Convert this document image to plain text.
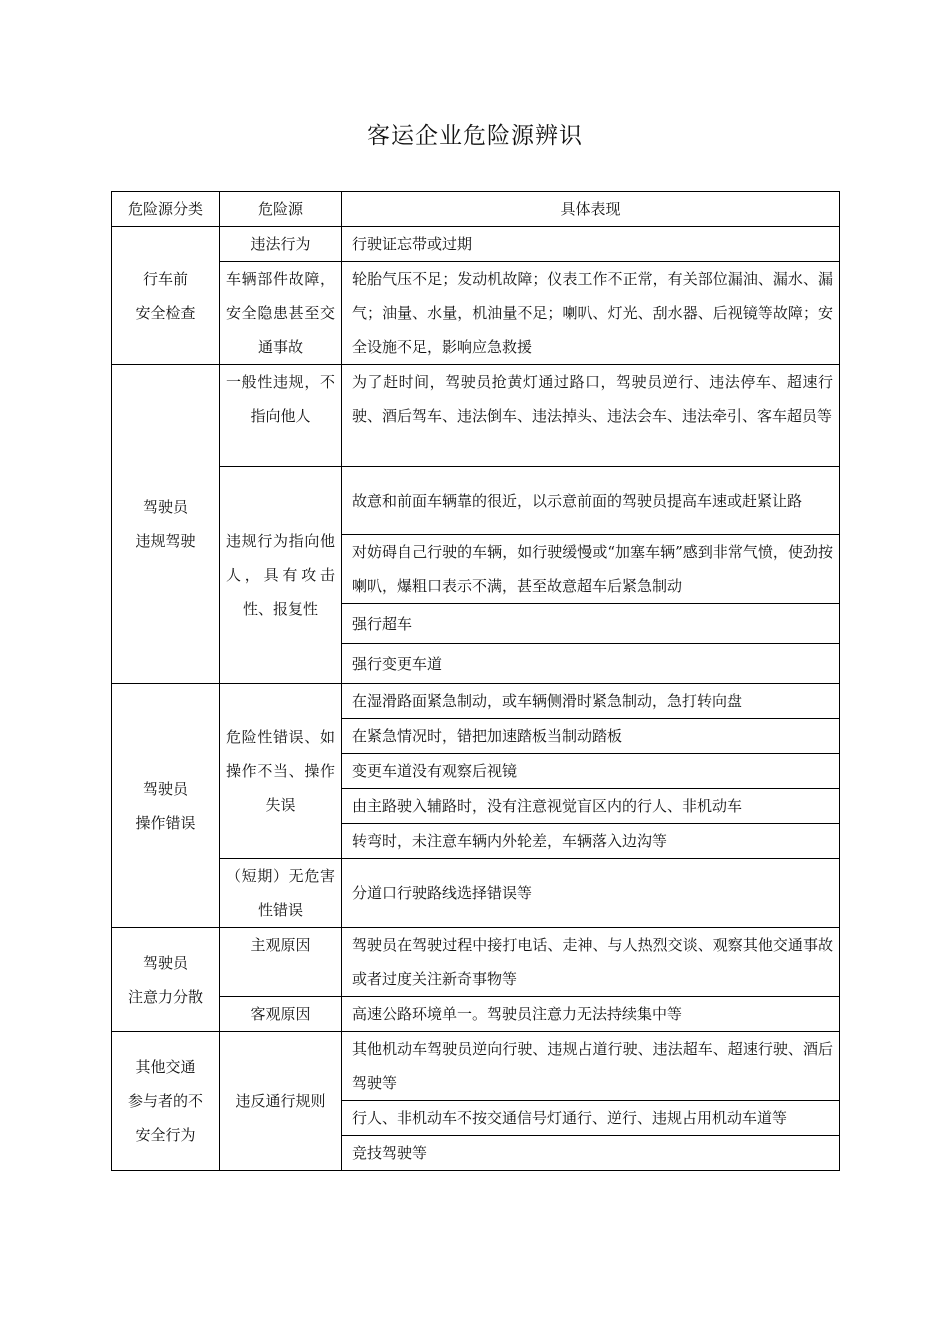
客运企业危险源辨识
危险源分类	危险源	具体表现
行车前
安全检查	违法行为	行驶证忘带或过期

	车辆部件故障，安全隐患甚至交通事故	轮胎气压不足；发动机故障；仪表工作不正常，有关部位漏油、漏水、漏气；油量、水量，机油量不足；喇叭、灯光、刮水器、后视镜等故障；安全设施不足，影响应急救援
驾驶员
违规驾驶	一般性违规，不指向他人	为了赶时间，驾驶员抢黄灯通过路口，驾驶员逆行、违法停车、超速行驶、酒后驾车、违法倒车、违法掉头、违法会车、违法牵引、客车超员等

	违规行为指向他人，具有攻击性、报复性	故意和前面车辆靠的很近，以示意前面的驾驶员提高车速或赶紧让路
		对妨碍自己行驶的车辆，如行驶缓慢或“加塞车辆”感到非常气愤，使劲按喇叭，爆粗口表示不满，甚至故意超车后紧急制动
		强行超车
		强行变更车道
驾驶员
操作错误	危险性错误、如操作不当、操作失误	在湿滑路面紧急制动，或车辆侧滑时紧急制动，急打转向盘
		在紧急情况时，错把加速踏板当制动踏板
		变更车道没有观察后视镜
		由主路驶入辅路时，没有注意视觉盲区内的行人、非机动车
		转弯时，未注意车辆内外轮差，车辆落入边沟等

	（短期）无危害性错误	分道口行驶路线选择错误等
驾驶员
注意力分散	主观原因	驾驶员在驾驶过程中接打电话、走神、与人热烈交谈、观察其他交通事故或者过度关注新奇事物等

	客观原因	高速公路环境单一。驾驶员注意力无法持续集中等
其他交通
参与者的不
安全行为	违反通行规则	其他机动车驾驶员逆向行驶、违规占道行驶、违法超车、超速行驶、酒后驾驶等
		行人、非机动车不按交通信号灯通行、逆行、违规占用机动车道等
		竞技驾驶等
